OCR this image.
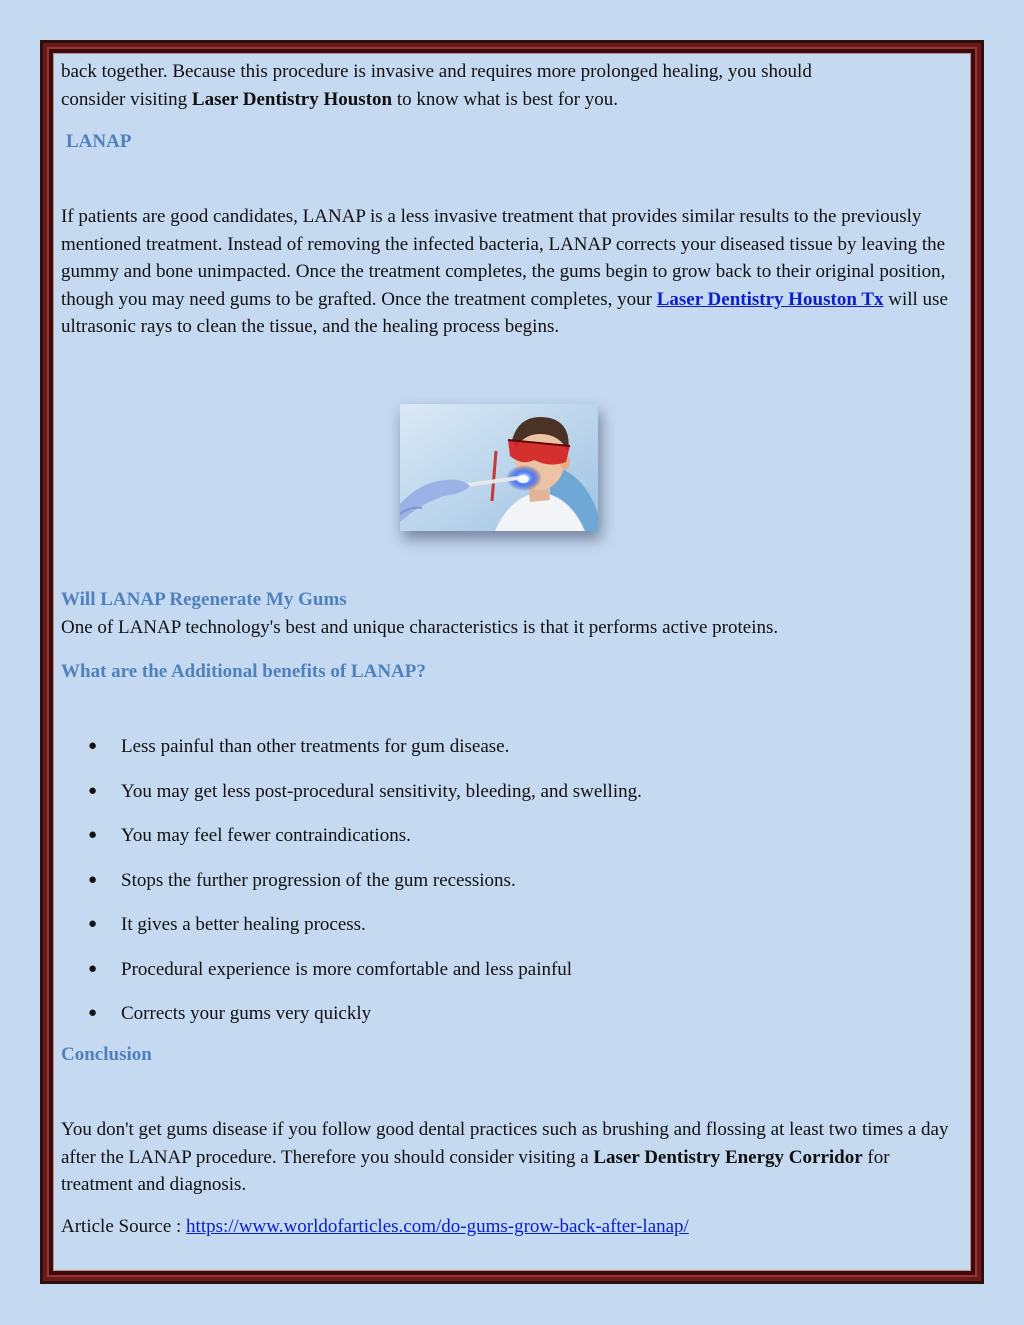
back together. Because this procedure is invasive and requires more prolonged healing, you should

consider visiting Laser Dentistry Houston to know what is best for you.

LANAP
If patients are good candidates, LANAP is a less invasive treatment that provides similar results to the previously mentioned treatment. Instead of removing the infected bacteria, LANAP corrects your diseased tissue by leaving the gummy and bone unimpacted. Once the treatment completes, the gums begin to grow back to their original position, though you may need gums to be grafted. Once the treatment completes, your Laser Dentistry Houston Tx will use ultrasonic rays to clean the tissue, and the healing process begins.
Will LANAP Regenerate My Gums
One of LANAP technology's best and unique characteristics is that it performs active proteins.
What are the Additional benefits of LANAP?
● Less painful than other treatments for gum disease.
● You may get less post-procedural sensitivity, bleeding, and swelling.
● You may feel fewer contraindications.
● Stops the further progression of the gum recessions.
● It gives a better healing process.
● Procedural experience is more comfortable and less painful
● Corrects your gums very quickly
Conclusion
You don't get gums disease if you follow good dental practices such as brushing and flossing at least two times a day after the LANAP procedure. Therefore you should consider visiting a Laser Dentistry Energy Corridor for treatment and diagnosis.
Article Source : https://www.worldofarticles.com/do-gums-grow-back-after-lanap/
